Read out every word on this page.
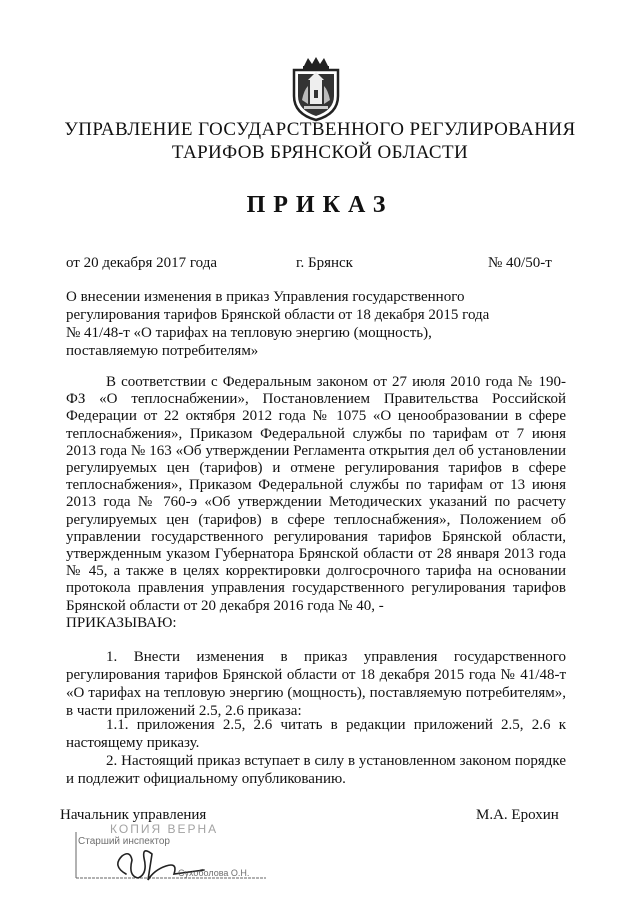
УПРАВЛЕНИЕ ГОСУДАРСТВЕННОГО РЕГУЛИРОВАНИЯ
ТАРИФОВ БРЯНСКОЙ ОБЛАСТИ
ПРИКАЗ
от 20 декабря 2017 года	г. Брянск	№ 40/50-т
О внесении изменения в приказ Управления государственного
регулирования тарифов Брянской области от 18 декабря 2015 года
№ 41/48-т «О тарифах на тепловую энергию (мощность),
поставляемую потребителям»

В соответствии с Федеральным законом от 27 июля 2010 года № 190-ФЗ «О теплоснабжении», Постановлением Правительства Российской Федерации от 22 октября 2012 года № 1075 «О ценообразовании в сфере теплоснабжения», Приказом Федеральной службы по тарифам от 7 июня 2013 года № 163 «Об утверждении Регламента открытия дел об установлении регулируемых цен (тарифов) и отмене регулирования тарифов в сфере теплоснабжения», Приказом Федеральной службы по тарифам от 13 июня 2013 года № 760-э «Об утверждении Методических указаний по расчету регулируемых цен (тарифов) в сфере теплоснабжения», Положением об управлении государственного регулирования тарифов Брянской области, утвержденным указом Губернатора Брянской области от 28 января 2013 года № 45, а также в целях корректировки долгосрочного тарифа на основании протокола правления управления государственного регулирования тарифов Брянской области от 20 декабря 2016 года № 40, -

ПРИКАЗЫВАЮ:

1. Внести изменения в приказ управления государственного регулирования тарифов Брянской области от 18 декабря 2015 года № 41/48-т «О тарифах на тепловую энергию (мощность), поставляемую потребителям», в части приложений 2.5, 2.6 приказа:

1.1. приложения 2.5, 2.6 читать в редакции приложений 2.5, 2.6 к настоящему приказу.

2. Настоящий приказ вступает в силу в установленном законом порядке и подлежит официальному опубликованию.

Начальник управления	М.А. Ерохин
КОПИЯ ВЕРНА
Старший инспектор
Сухоболова О.Н.
